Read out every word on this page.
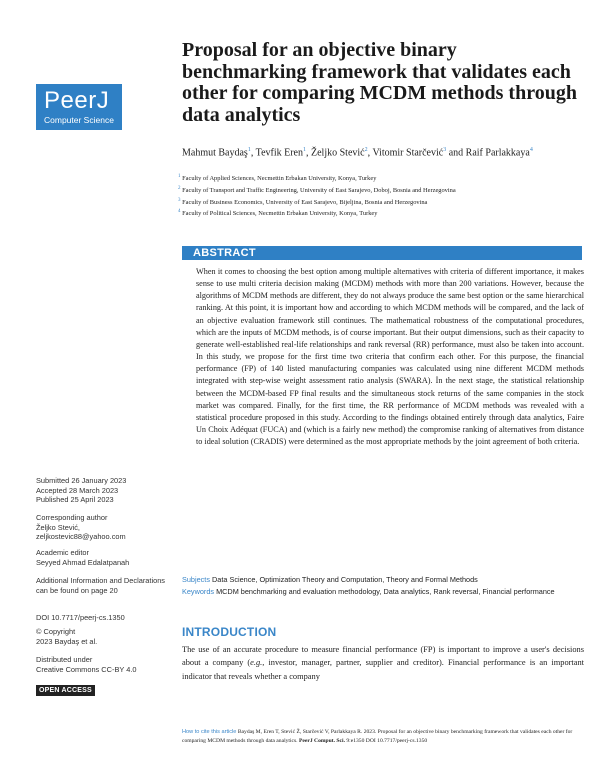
PeerJ
Computer Science
Proposal for an objective binary benchmarking framework that validates each other for comparing MCDM methods through data analytics
Mahmut Baydaş$^1$, Tevfik Eren$^1$, Željko Stević$^2$, Vitomir Starčević$^3$ and Raif Parlakkaya$^4$
$^1$ Faculty of Applied Sciences, Necmettin Erbakan University, Konya, Turkey
$^2$ Faculty of Transport and Traffic Engineering, University of East Sarajevo, Doboj, Bosnia and Herzegovina
$^3$ Faculty of Business Economics, University of East Sarajevo, Bijeljina, Bosnia and Herzegovina
$^4$ Faculty of Political Sciences, Necmettin Erbakan University, Konya, Turkey
ABSTRACT

When it comes to choosing the best option among multiple alternatives with criteria of different importance, it makes sense to use multi criteria decision making (MCDM) methods with more than 200 variations. However, because the algorithms of MCDM methods are different, they do not always produce the same best option or the same hierarchical ranking. At this point, it is important how and according to which MCDM methods will be compared, and the lack of an objective evaluation framework still continues. The mathematical robustness of the computational procedures, which are the inputs of MCDM methods, is of course important. But their output dimensions, such as their capacity to generate well-established real-life relationships and rank reversal (RR) performance, must also be taken into account. In this study, we propose for the first time two criteria that confirm each other. For this purpose, the financial performance (FP) of 140 listed manufacturing companies was calculated using nine different MCDM methods integrated with step-wise weight assessment ratio analysis (SWARA). İn the next stage, the statistical relationship between the MCDM-based FP final results and the simultaneous stock returns of the same companies in the stock market was compared. Finally, for the first time, the RR performance of MCDM methods was revealed with a statistical procedure proposed in this study. According to the findings obtained entirely through data analytics, Faire Un Choix Adéquat (FUCA) and (which is a fairly new method) the compromise ranking of alternatives from distance to ideal solution (CRADIS) were determined as the most appropriate methods by the joint agreement of both criteria.

Subjects Data Science, Optimization Theory and Computation, Theory and Formal Methods
Keywords MCDM benchmarking and evaluation methodology, Data analytics, Rank reversal, Financial performance
INTRODUCTION

The use of an accurate procedure to measure financial performance (FP) is important to improve a user's decisions about a company (e.g., investor, manager, partner, supplier and creditor). Financial performance is an important indicator that reveals whether a company

Submitted 26 January 2023
Accepted 28 March 2023
Published 25 April 2023
Corresponding author
Željko Stević,
zeljkostevic88@yahoo.com
Academic editor
Seyyed Ahmad Edalatpanah
Additional Information and Declarations can be found on page 20
DOI 10.7717/peerj-cs.1350
© Copyright
2023 Baydaş et al.
Distributed under
Creative Commons CC-BY 4.0
OPEN ACCESS
How to cite this article Baydaş M, Eren T, Stević Ž, Starčević V, Parlakkaya R. 2023. Proposal for an objective binary benchmarking framework that validates each other for comparing MCDM methods through data analytics. PeerJ Comput. Sci. 9:e1350 DOI 10.7717/peerj-cs.1350
